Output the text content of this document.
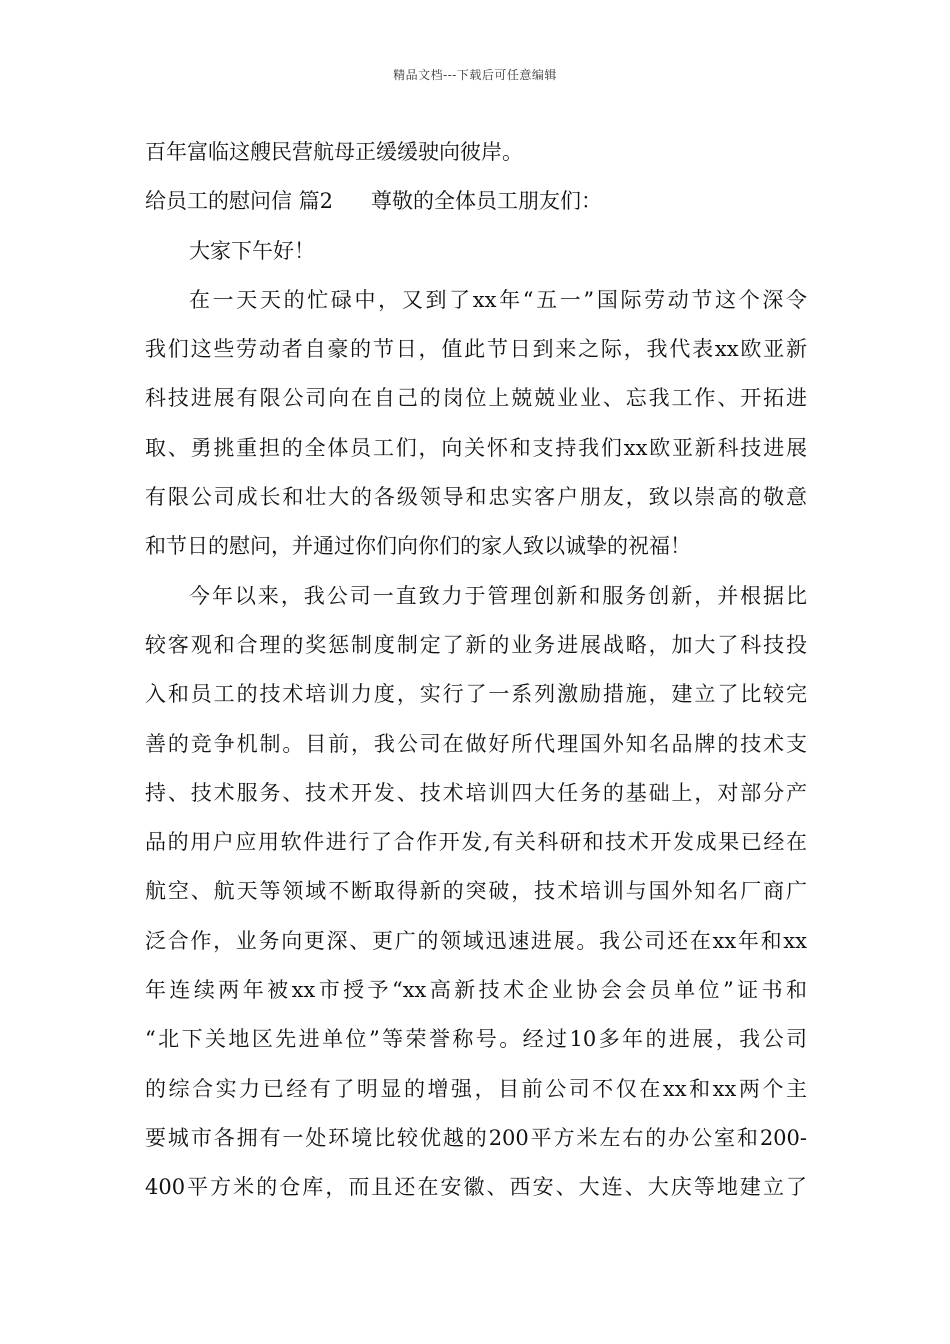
精品文档---下载后可任意编辑
百年富临这艘民营航母正缓缓驶向彼岸。
给员工的慰问信 篇2 尊敬的全体员工朋友们：
大家下午好！
在一天天的忙碌中，又到了xx年“五一”国际劳动节这个深令
我们这些劳动者自豪的节日，值此节日到来之际，我代表xx欧亚新
科技进展有限公司向在自己的岗位上兢兢业业、忘我工作、开拓进
取、勇挑重担的全体员工们，向关怀和支持我们xx欧亚新科技进展
有限公司成长和壮大的各级领导和忠实客户朋友，致以崇高的敬意
和节日的慰问，并通过你们向你们的家人致以诚挚的祝福！
今年以来，我公司一直致力于管理创新和服务创新，并根据比
较客观和合理的奖惩制度制定了新的业务进展战略，加大了科技投
入和员工的技术培训力度，实行了一系列激励措施，建立了比较完
善的竞争机制。目前，我公司在做好所代理国外知名品牌的技术支
持、技术服务、技术开发、技术培训四大任务的基础上，对部分产
品的用户应用软件进行了合作开发,有关科研和技术开发成果已经在
航空、航天等领域不断取得新的突破，技术培训与国外知名厂商广
泛合作，业务向更深、更广的领域迅速进展。我公司还在xx年和xx
年连续两年被xx市授予“xx高新技术企业协会会员单位”证书和
“北下关地区先进单位”等荣誉称号。经过10多年的进展，我公司
的综合实力已经有了明显的增强，目前公司不仅在xx和xx两个主
要城市各拥有一处环境比较优越的200平方米左右的办公室和200-
400平方米的仓库，而且还在安徽、西安、大连、大庆等地建立了
